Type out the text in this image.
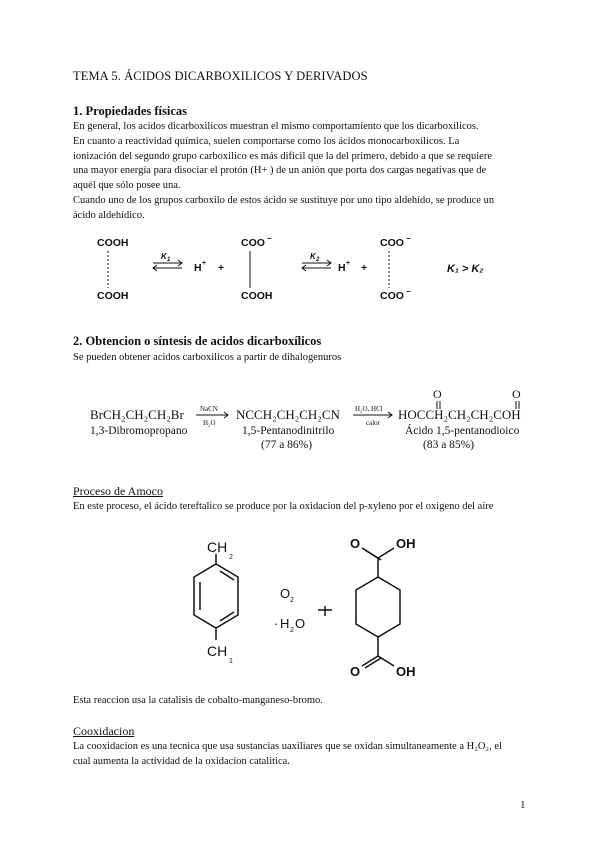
TEMA 5. ÁCIDOS DICARBOXILICOS Y DERIVADOS
1. Propiedades físicas
En general, los acidos dicarboxilicos muestran el mismo comportamiento que los dicarboxilicos.
En cuanto a reactividad química, suelen comportarse como los ácidos monocarboxílicos. La
ionización del segundo grupo carboxilico es más dificil que la del primero, debido a que se requiere
una mayor energía para disociar el protón (H+ ) de un anión que porta dos cargas negativas que de
aquél que sólo posee una.
Cuando uno de los grupos carboxilo de estos ácido se sustituye por uno tipo aldehído, se produce un
ácido aldehídico.
COOH
COOH
K 1
H + +
COO −
COOH
K 2
H + +
COO −
COO −
K₁ > K₂
2. Obtencion o síntesis de acidos dicarboxílicos
Se pueden obtener acidos carboxilicos a partir de dihalogenuros
BrCH₂CH₂CH₂Br
1,3-Dibromopropano
NaCN
H₂O
NCCH₂CH₂CH₂CN
1,5-Pentanodinitrilo
(77 a 86%)
H₂O, HCl
calor
O	O
HOCCH₂CH₂CH₂COH
Ácido 1,5-pentanodioico
(83 a 85%)
Proceso de Amoco
En este proceso, el ácido tereftalico se produce por la oxidacion del p-xyleno por el oxigeno del aire
CH
2
CH
1
O 2
· H 2 O
O	OH
O	OH
Esta reaccion usa la catalisis de cobalto-manganeso-bromo.
Cooxidacion
La cooxidacion es una tecnica que usa sustancias uaxiliares que se oxidan simultaneamente a H₂O₂, el
cual aumenta la actividad de la oxidacion catalitica.
1
